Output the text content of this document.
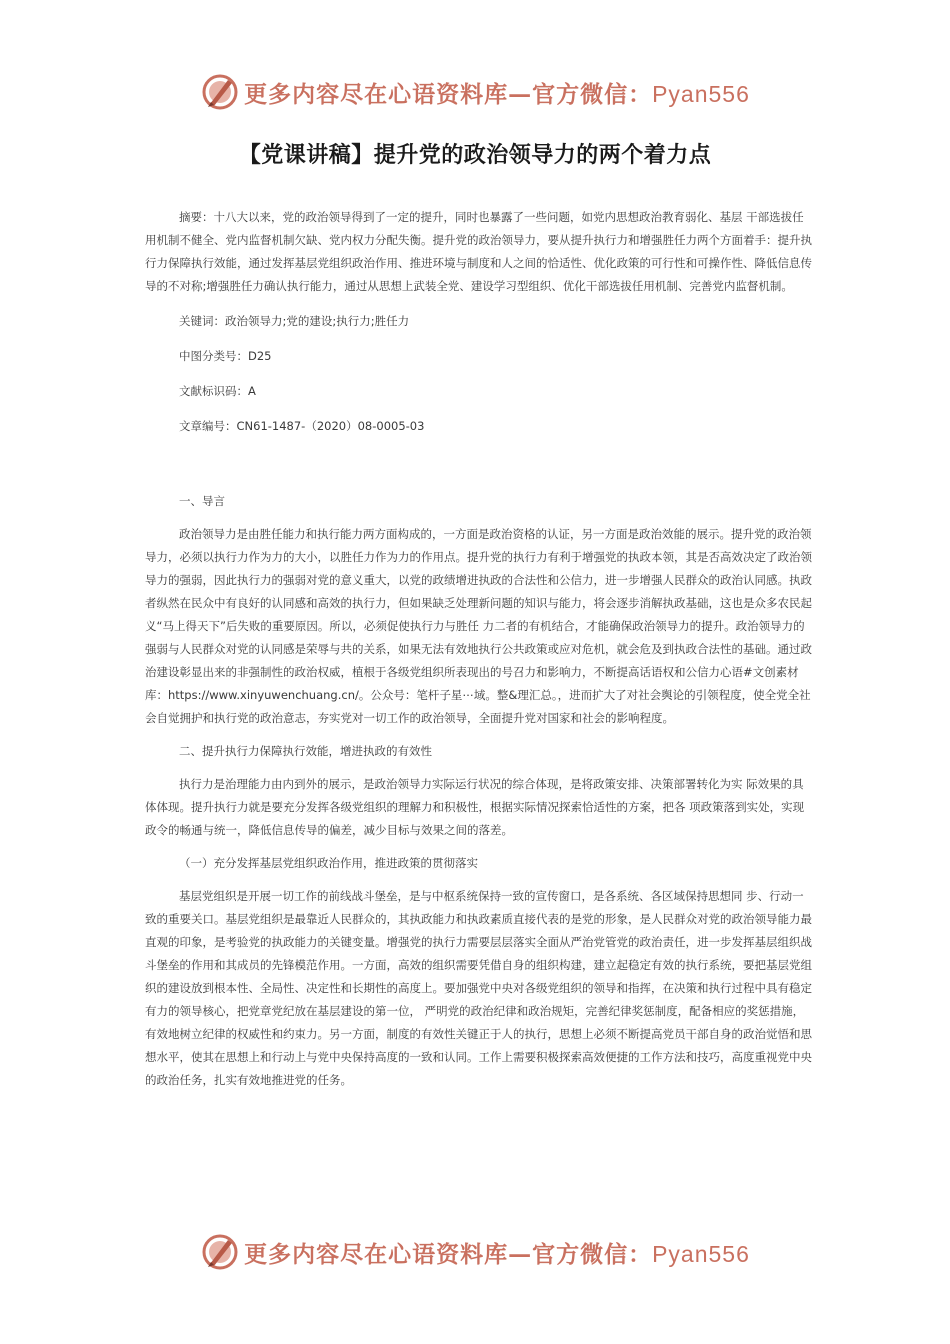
更多内容尽在心语资料库—官方微信：Pyan556
【党课讲稿】提升党的政治领导力的两个着力点

摘要：十八大以来，党的政治领导得到了一定的提升，同时也暴露了一些问题，如党内思想政治教育弱化、基层 干部选拔任用机制不健全、党内监督机制欠缺、党内权力分配失衡。提升党的政治领导力，要从提升执行力和增强胜任力两个方面着手：提升执行力保障执行效能，通过发挥基层党组织政治作用、推进环境与制度和人之间的恰适性、优化政策的可行性和可操作性、降低信息传导的不对称;增强胜任力确认执行能力，通过从思想上武装全党、建设学习型组织、优化干部选拔任用机制、完善党内监督机制。

关键词：政治领导力;党的建设;执行力;胜任力

中图分类号：D25

文献标识码：A

文章编号：CN61-1487-（2020）08-0005-03

一、导言

政治领导力是由胜任能力和执行能力两方面构成的，一方面是政治资格的认证，另一方面是政治效能的展示。提升党的政治领导力，必须以执行力作为力的大小，以胜任力作为力的作用点。提升党的执行力有利于增强党的执政本领，其是否高效决定了政治领导力的强弱，因此执行力的强弱对党的意义重大，以党的政绩增进执政的合法性和公信力，进一步增强人民群众的政治认同感。执政者纵然在民众中有良好的认同感和高效的执行力，但如果缺乏处理新问题的知识与能力，将会逐步消解执政基础，这也是众多农民起义“马上得天下”后失败的重要原因。所以，必须促使执行力与胜任 力二者的有机结合，才能确保政治领导力的提升。政治领导力的强弱与人民群众对党的认同感是荣辱与共的关系，如果无法有效地执行公共政策或应对危机，就会危及到执政合法性的基础。通过政治建设彰显出来的非强制性的政治权威，植根于各级党组织所表现出的号召力和影响力，不断提高话语权和公信力心语#文创素材库：https://www.xinyuwenchuang.cn/。公众号：笔杆子星⋯域。整&理汇总。，进而扩大了对社会舆论的引领程度，使全党全社会自觉拥护和执行党的政治意志，夯实党对一切工作的政治领导，全面提升党对国家和社会的影响程度。

二、提升执行力保障执行效能，增进执政的有效性

执行力是治理能力由内到外的展示，是政治领导力实际运行状况的综合体现，是将政策安排、决策部署转化为实 际效果的具体体现。提升执行力就是要充分发挥各级党组织的理解力和积极性，根据实际情况探索恰适性的方案，把各 项政策落到实处，实现政令的畅通与统一，降低信息传导的偏差，减少目标与效果之间的落差。

（一）充分发挥基层党组织政治作用，推进政策的贯彻落实

基层党组织是开展一切工作的前线战斗堡垒，是与中枢系统保持一致的宣传窗口，是各系统、各区域保持思想同 步、行动一致的重要关口。基层党组织是最靠近人民群众的，其执政能力和执政素质直接代表的是党的形象，是人民群众对党的政治领导能力最直观的印象，是考验党的执政能力的关键变量。增强党的执行力需要层层落实全面从严治党管党的政治责任，进一步发挥基层组织战斗堡垒的作用和其成员的先锋模范作用。一方面，高效的组织需要凭借自身的组织构建，建立起稳定有效的执行系统，要把基层党组织的建设放到根本性、全局性、决定性和长期性的高度上。要加强党中央对各级党组织的领导和指挥，在决策和执行过程中具有稳定有力的领导核心，把党章党纪放在基层建设的第一位， 严明党的政治纪律和政治规矩，完善纪律奖惩制度，配备相应的奖惩措施，有效地树立纪律的权威性和约束力。另一方面，制度的有效性关键正于人的执行，思想上必须不断提高党员干部自身的政治觉悟和思想水平，使其在思想上和行动上与党中央保持高度的一致和认同。工作上需要积极探索高效便捷的工作方法和技巧，高度重视党中央的政治任务，扎实有效地推进党的任务。

更多内容尽在心语资料库—官方微信：Pyan556
